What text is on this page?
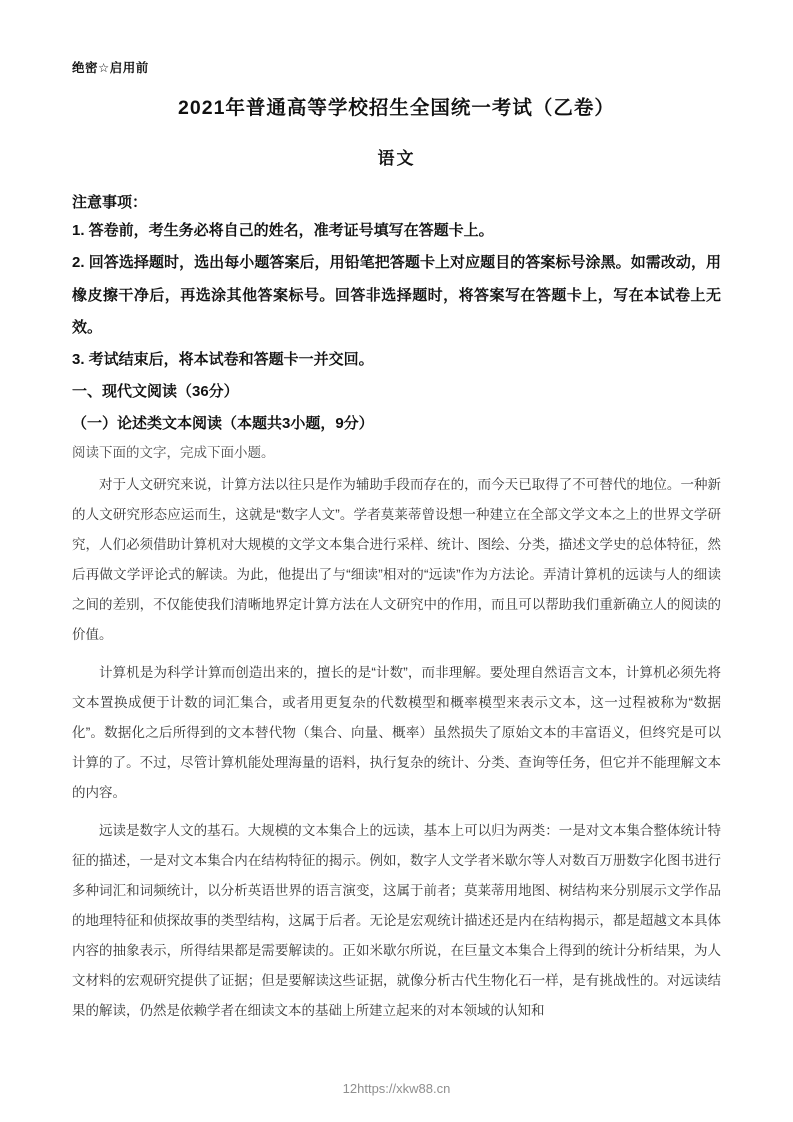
绝密☆启用前
2021年普通高等学校招生全国统一考试（乙卷）
语文
注意事项：
1. 答卷前，考生务必将自己的姓名，准考证号填写在答题卡上。
2. 回答选择题时，选出每小题答案后，用铅笔把答题卡上对应题目的答案标号涂黑。如需改动，用橡皮擦干净后，再选涂其他答案标号。回答非选择题时，将答案写在答题卡上，写在本试卷上无效。
3. 考试结束后，将本试卷和答题卡一并交回。
一、现代文阅读（36分）
（一）论述类文本阅读（本题共3小题，9分）
阅读下面的文字，完成下面小题。

对于人文研究来说，计算方法以往只是作为辅助手段而存在的，而今天已取得了不可替代的地位。一种新的人文研究形态应运而生，这就是“数字人文”。学者莫莱蒂曾设想一种建立在全部文学文本之上的世界文学研究，人们必须借助计算机对大规模的文学文本集合进行采样、统计、图绘、分类，描述文学史的总体特征，然后再做文学评论式的解读。为此，他提出了与“细读”相对的“远读”作为方法论。弄清计算机的远读与人的细读之间的差别，不仅能使我们清晰地界定计算方法在人文研究中的作用，而且可以帮助我们重新确立人的阅读的价值。

计算机是为科学计算而创造出来的，擅长的是“计数”，而非理解。要处理自然语言文本，计算机必须先将文本置换成便于计数的词汇集合，或者用更复杂的代数模型和概率模型来表示文本，这一过程被称为“数据化”。数据化之后所得到的文本替代物（集合、向量、概率）虽然损失了原始文本的丰富语义，但终究是可以计算的了。不过，尽管计算机能处理海量的语料，执行复杂的统计、分类、查询等任务，但它并不能理解文本的内容。

远读是数字人文的基石。大规模的文本集合上的远读，基本上可以归为两类：一是对文本集合整体统计特征的描述，一是对文本集合内在结构特征的揭示。例如，数字人文学者米歇尔等人对数百万册数字化图书进行多种词汇和词频统计，以分析英语世界的语言演变，这属于前者；莫莱蒂用地图、树结构来分别展示文学作品的地理特征和侦探故事的类型结构，这属于后者。无论是宏观统计描述还是内在结构揭示，都是超越文本具体内容的抽象表示，所得结果都是需要解读的。正如米歇尔所说，在巨量文本集合上得到的统计分析结果，为人文材料的宏观研究提供了证据；但是要解读这些证据，就像分析古代生物化石一样，是有挑战性的。对远读结果的解读，仍然是依赖学者在细读文本的基础上所建立起来的对本领域的认知和

12https://xkw88.cn
